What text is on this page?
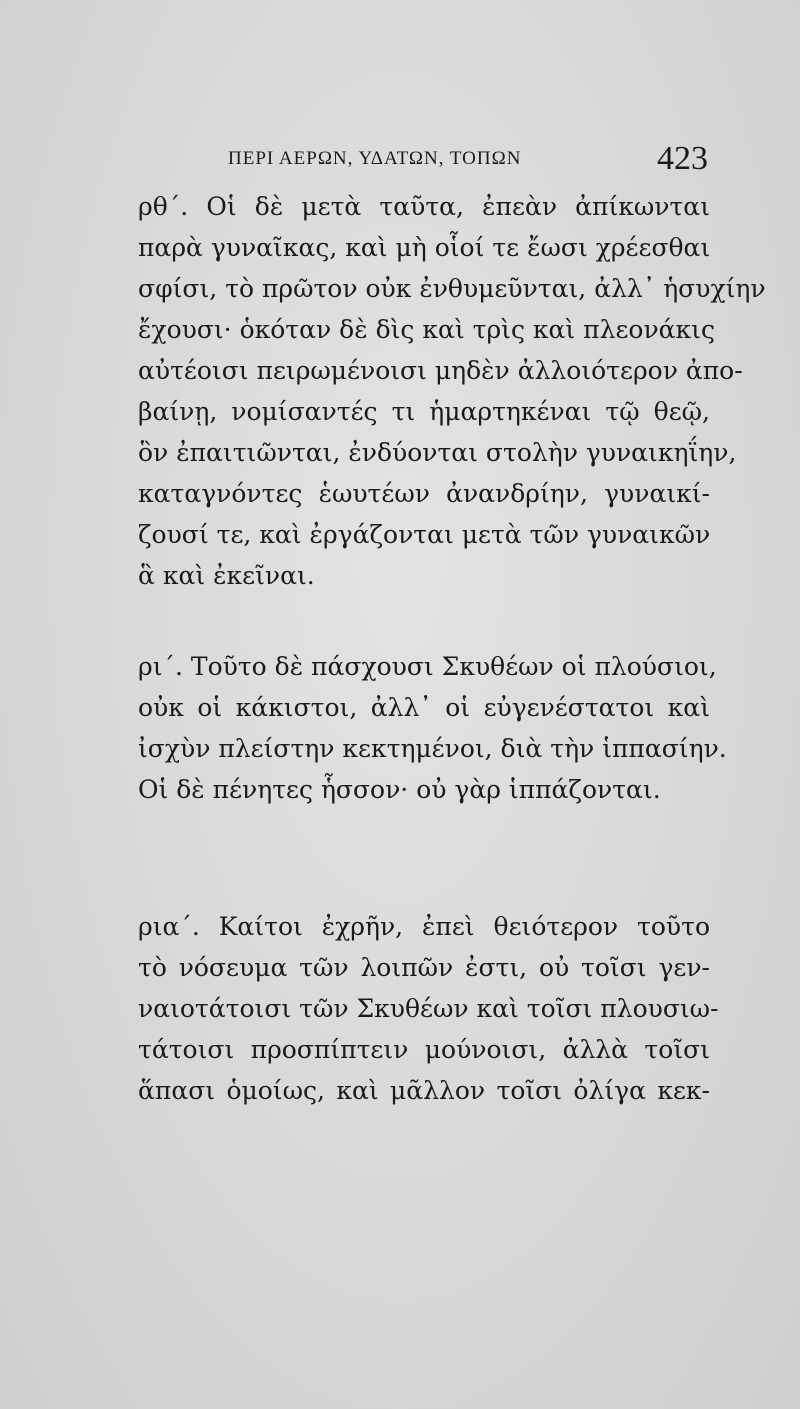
ΠΕΡΙ ΑΕΡΩΝ, ΥΔΑΤΩΝ, ΤΟΠΩΝ	423
ρθ΄. Οἱ δὲ μετὰ ταῦτα, ἐπεὰν ἀπίκωνται
παρὰ γυναῖκας, καὶ μὴ οἷοί τε ἔωσι χρέεσθαι
σφίσι, τὸ πρῶτον οὐκ ἐνθυμεῦνται, ἀλλ᾽ ἡσυχίην
ἔχουσι· ὁκόταν δὲ δὶς καὶ τρὶς καὶ πλεονάκις
αὐτέοισι πειρωμένοισι μηδὲν ἀλλοιότερον ἀπο-
βαίνῃ, νομίσαντές τι ἡμαρτηκέναι τῷ θεῷ,
ὃν ἐπαιτιῶνται, ἐνδύονται στολὴν γυναικηΐην,
καταγνόντες ἑωυτέων ἀνανδρίην, γυναικί-
ζουσί τε, καὶ ἐργάζονται μετὰ τῶν γυναικῶν
ἃ καὶ ἐκεῖναι.
ρι΄. Τοῦτο δὲ πάσχουσι Σκυθέων οἱ πλούσιοι,
οὐκ οἱ κάκιστοι, ἀλλ᾽ οἱ εὐγενέστατοι καὶ
ἰσχὺν πλείστην κεκτημένοι, διὰ τὴν ἱππασίην.
Οἱ δὲ πένητες ἧσσον· οὐ γὰρ ἱππάζονται.
ρια΄. Καίτοι ἐχρῆν, ἐπεὶ θειότερον τοῦτο
τὸ νόσευμα τῶν λοιπῶν ἐστι, οὐ τοῖσι γεν-
ναιοτάτοισι τῶν Σκυθέων καὶ τοῖσι πλουσιω-
τάτοισι προσπίπτειν μούνοισι, ἀλλὰ τοῖσι
ἅπασι ὁμοίως, καὶ μᾶλλον τοῖσι ὀλίγα κεκ-
